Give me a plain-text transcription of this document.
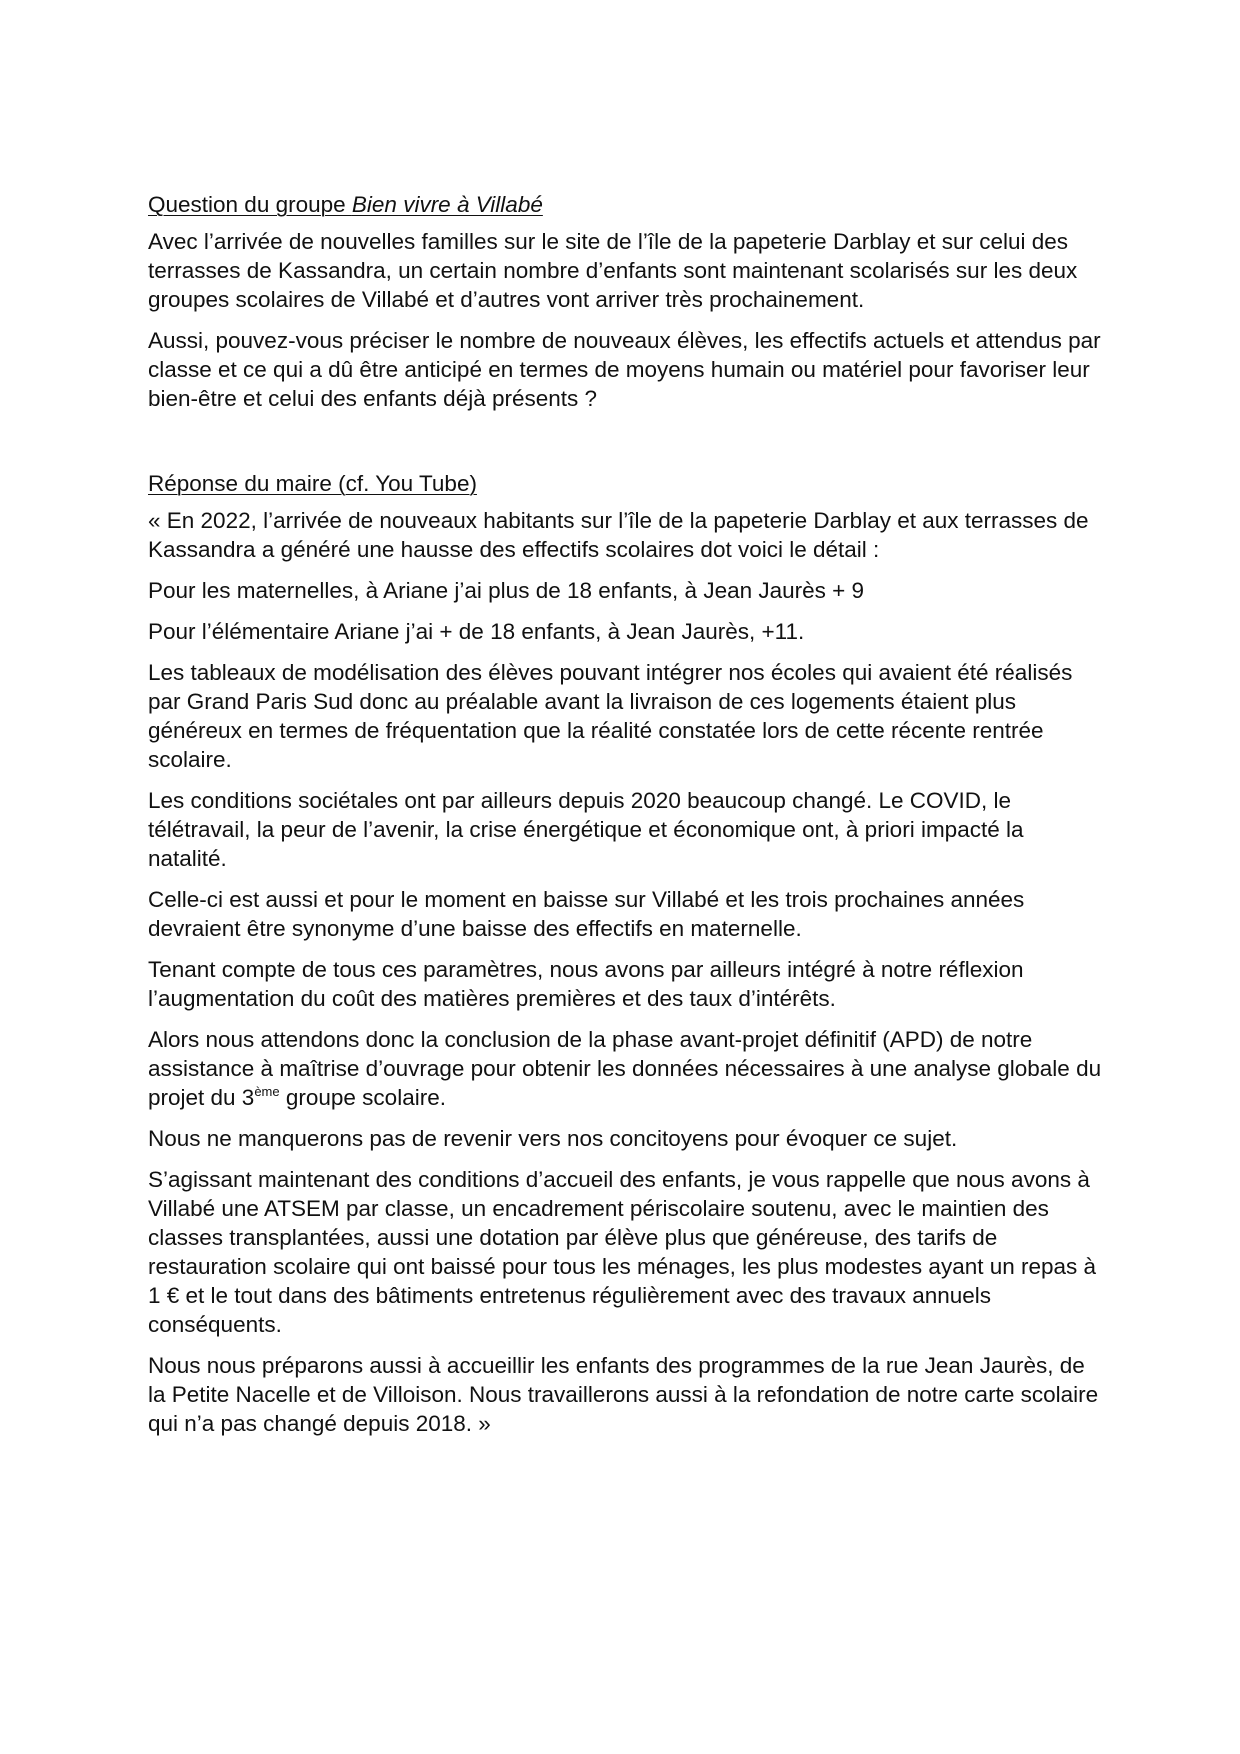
Question du groupe Bien vivre à Villabé

Avec l’arrivée de nouvelles familles sur le site de l’île de la papeterie Darblay et sur celui des terrasses de Kassandra, un certain nombre d’enfants sont maintenant scolarisés sur les deux groupes scolaires de Villabé et d’autres vont arriver très prochainement.

Aussi, pouvez-vous préciser le nombre de nouveaux élèves, les effectifs actuels et attendus par classe et ce qui a dû être anticipé en termes de moyens humain ou matériel pour favoriser leur bien-être et celui des enfants déjà présents ?

Réponse du maire (cf. You Tube)

« En 2022, l’arrivée de nouveaux habitants sur l’île de la papeterie Darblay et aux terrasses de Kassandra a généré une hausse des effectifs scolaires dot voici le détail :

Pour les maternelles, à Ariane j’ai plus de 18 enfants, à Jean Jaurès + 9

Pour l’élémentaire Ariane j’ai + de 18 enfants, à Jean Jaurès, +11.

Les tableaux de modélisation des élèves pouvant intégrer nos écoles qui avaient été réalisés par Grand Paris Sud donc au préalable avant la livraison de ces logements étaient plus généreux en termes de fréquentation que la réalité constatée lors de cette récente rentrée scolaire.

Les conditions sociétales ont par ailleurs depuis 2020 beaucoup changé. Le COVID, le télétravail, la peur de l’avenir, la crise énergétique et économique ont, à priori impacté la natalité.

Celle-ci est aussi et pour le moment en baisse sur Villabé et les trois prochaines années devraient être synonyme d’une baisse des effectifs en maternelle.

Tenant compte de tous ces paramètres, nous avons par ailleurs intégré à notre réflexion l’augmentation du coût des matières premières et des taux d’intérêts.

Alors nous attendons donc la conclusion de la phase avant-projet définitif (APD) de notre assistance à maîtrise d’ouvrage pour obtenir les données nécessaires à une analyse globale du projet du 3ème groupe scolaire.

Nous ne manquerons pas de revenir vers nos concitoyens pour évoquer ce sujet.

S’agissant maintenant des conditions d’accueil des enfants, je vous rappelle que nous avons à Villabé une ATSEM par classe, un encadrement périscolaire soutenu, avec le maintien des classes transplantées, aussi une dotation par élève plus que généreuse, des tarifs de restauration scolaire qui ont baissé pour tous les ménages, les plus modestes ayant un repas à 1 € et le tout dans des bâtiments entretenus régulièrement avec des travaux annuels conséquents.

Nous nous préparons aussi à accueillir les enfants des programmes de la rue Jean Jaurès, de la Petite Nacelle et de Villoison. Nous travaillerons aussi à la refondation de notre carte scolaire qui n’a pas changé depuis 2018. »
